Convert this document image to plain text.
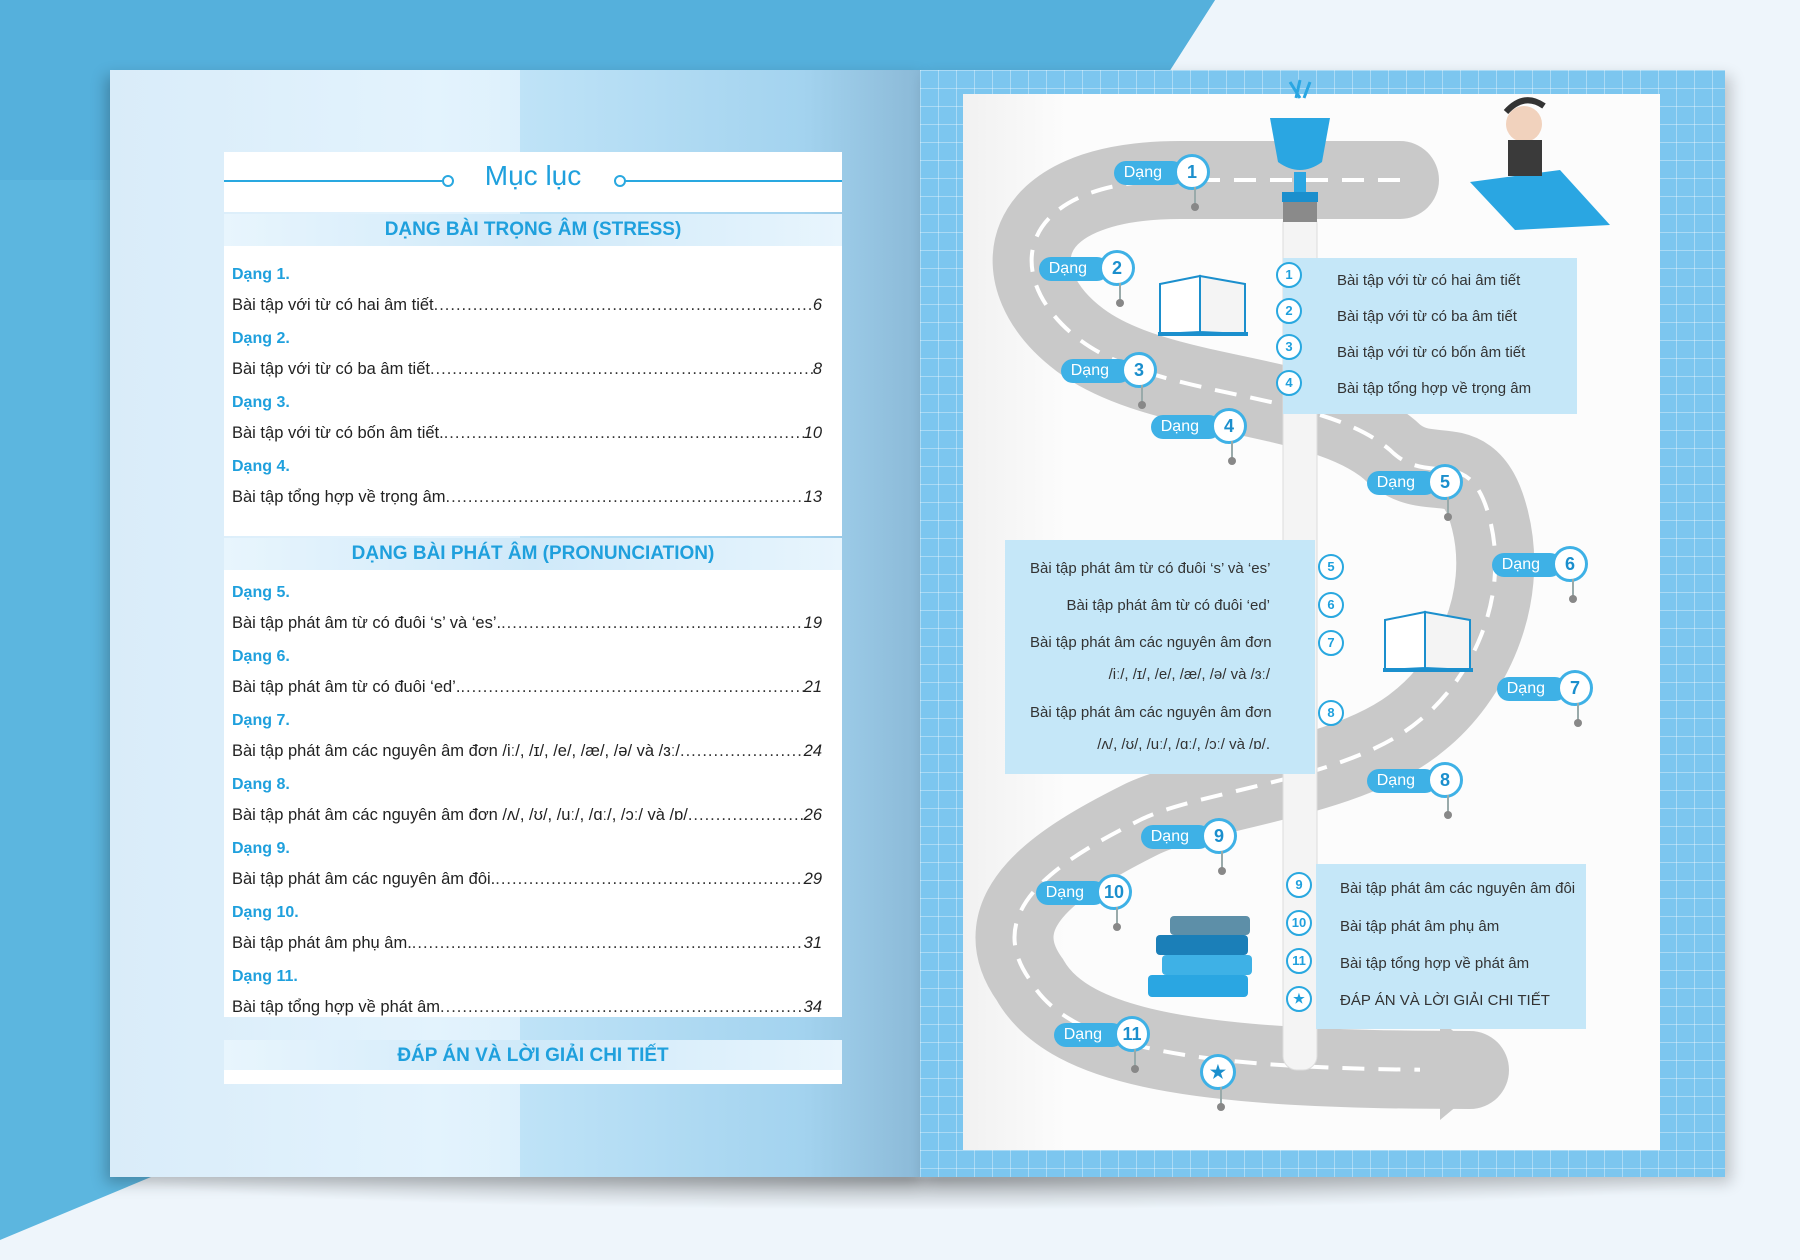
Mục lục
DẠNG BÀI TRỌNG ÂM (STRESS)
DẠNG BÀI PHÁT ÂM (PRONUNCIATION)
ĐÁP ÁN VÀ LỜI GIẢI CHI TIẾT
Dạng 1.
Bài tập với từ có hai âm tiết .....	6
Dạng 2.
Bài tập với từ có ba âm tiết .....	8
Dạng 3.
Bài tập với từ có bốn âm tiết. .....	10
Dạng 4.
Bài tập tổng hợp về trọng âm .....	13
Dạng 5.
Bài tập phát âm từ có đuôi ‘s’ và ‘es’. .....	19
Dạng 6.
Bài tập phát âm từ có đuôi ‘ed’. .....	21
Dạng 7.
Bài tập phát âm các nguyên âm đơn /iː/, /ɪ/, /e/, /æ/, /ə/ và /ɜː/ .....	24
Dạng 8.
Bài tập phát âm các nguyên âm đơn /ʌ/, /ʊ/, /uː/, /ɑː/, /ɔː/ và /ɒ/ .....	26
Dạng 9.
Bài tập phát âm các nguyên âm đôi. .....	29
Dạng 10.
Bài tập phát âm phụ âm. .....	31
Dạng 11.
Bài tập tổng hợp về phát âm .....	34
Dạng	1
Dạng	2
Dạng	3
Dạng	4
Dạng	5
Dạng	6
Dạng	7
Dạng	8
Dạng	9
Dạng	10
Dạng	11
★
1	Bài tập với từ có hai âm tiết
2	Bài tập với từ có ba âm tiết
3	Bài tập với từ có bốn âm tiết
4	Bài tập tổng hợp về trọng âm
Bài tập phát âm từ có đuôi ‘s’ và ‘es’	5
Bài tập phát âm từ có đuôi ‘ed’	6
Bài tập phát âm các nguyên âm đơn
/iː/, /ɪ/, /e/, /æ/, /ə/ và /ɜː/
7
Bài tập phát âm các nguyên âm đơn
/ʌ/, /ʊ/, /uː/, /ɑː/, /ɔː/ và /ɒ/.
8
9	Bài tập phát âm các nguyên âm đôi
10	Bài tập phát âm phụ âm
11	Bài tập tổng hợp về phát âm
★	ĐÁP ÁN VÀ LỜI GIẢI CHI TIẾT
